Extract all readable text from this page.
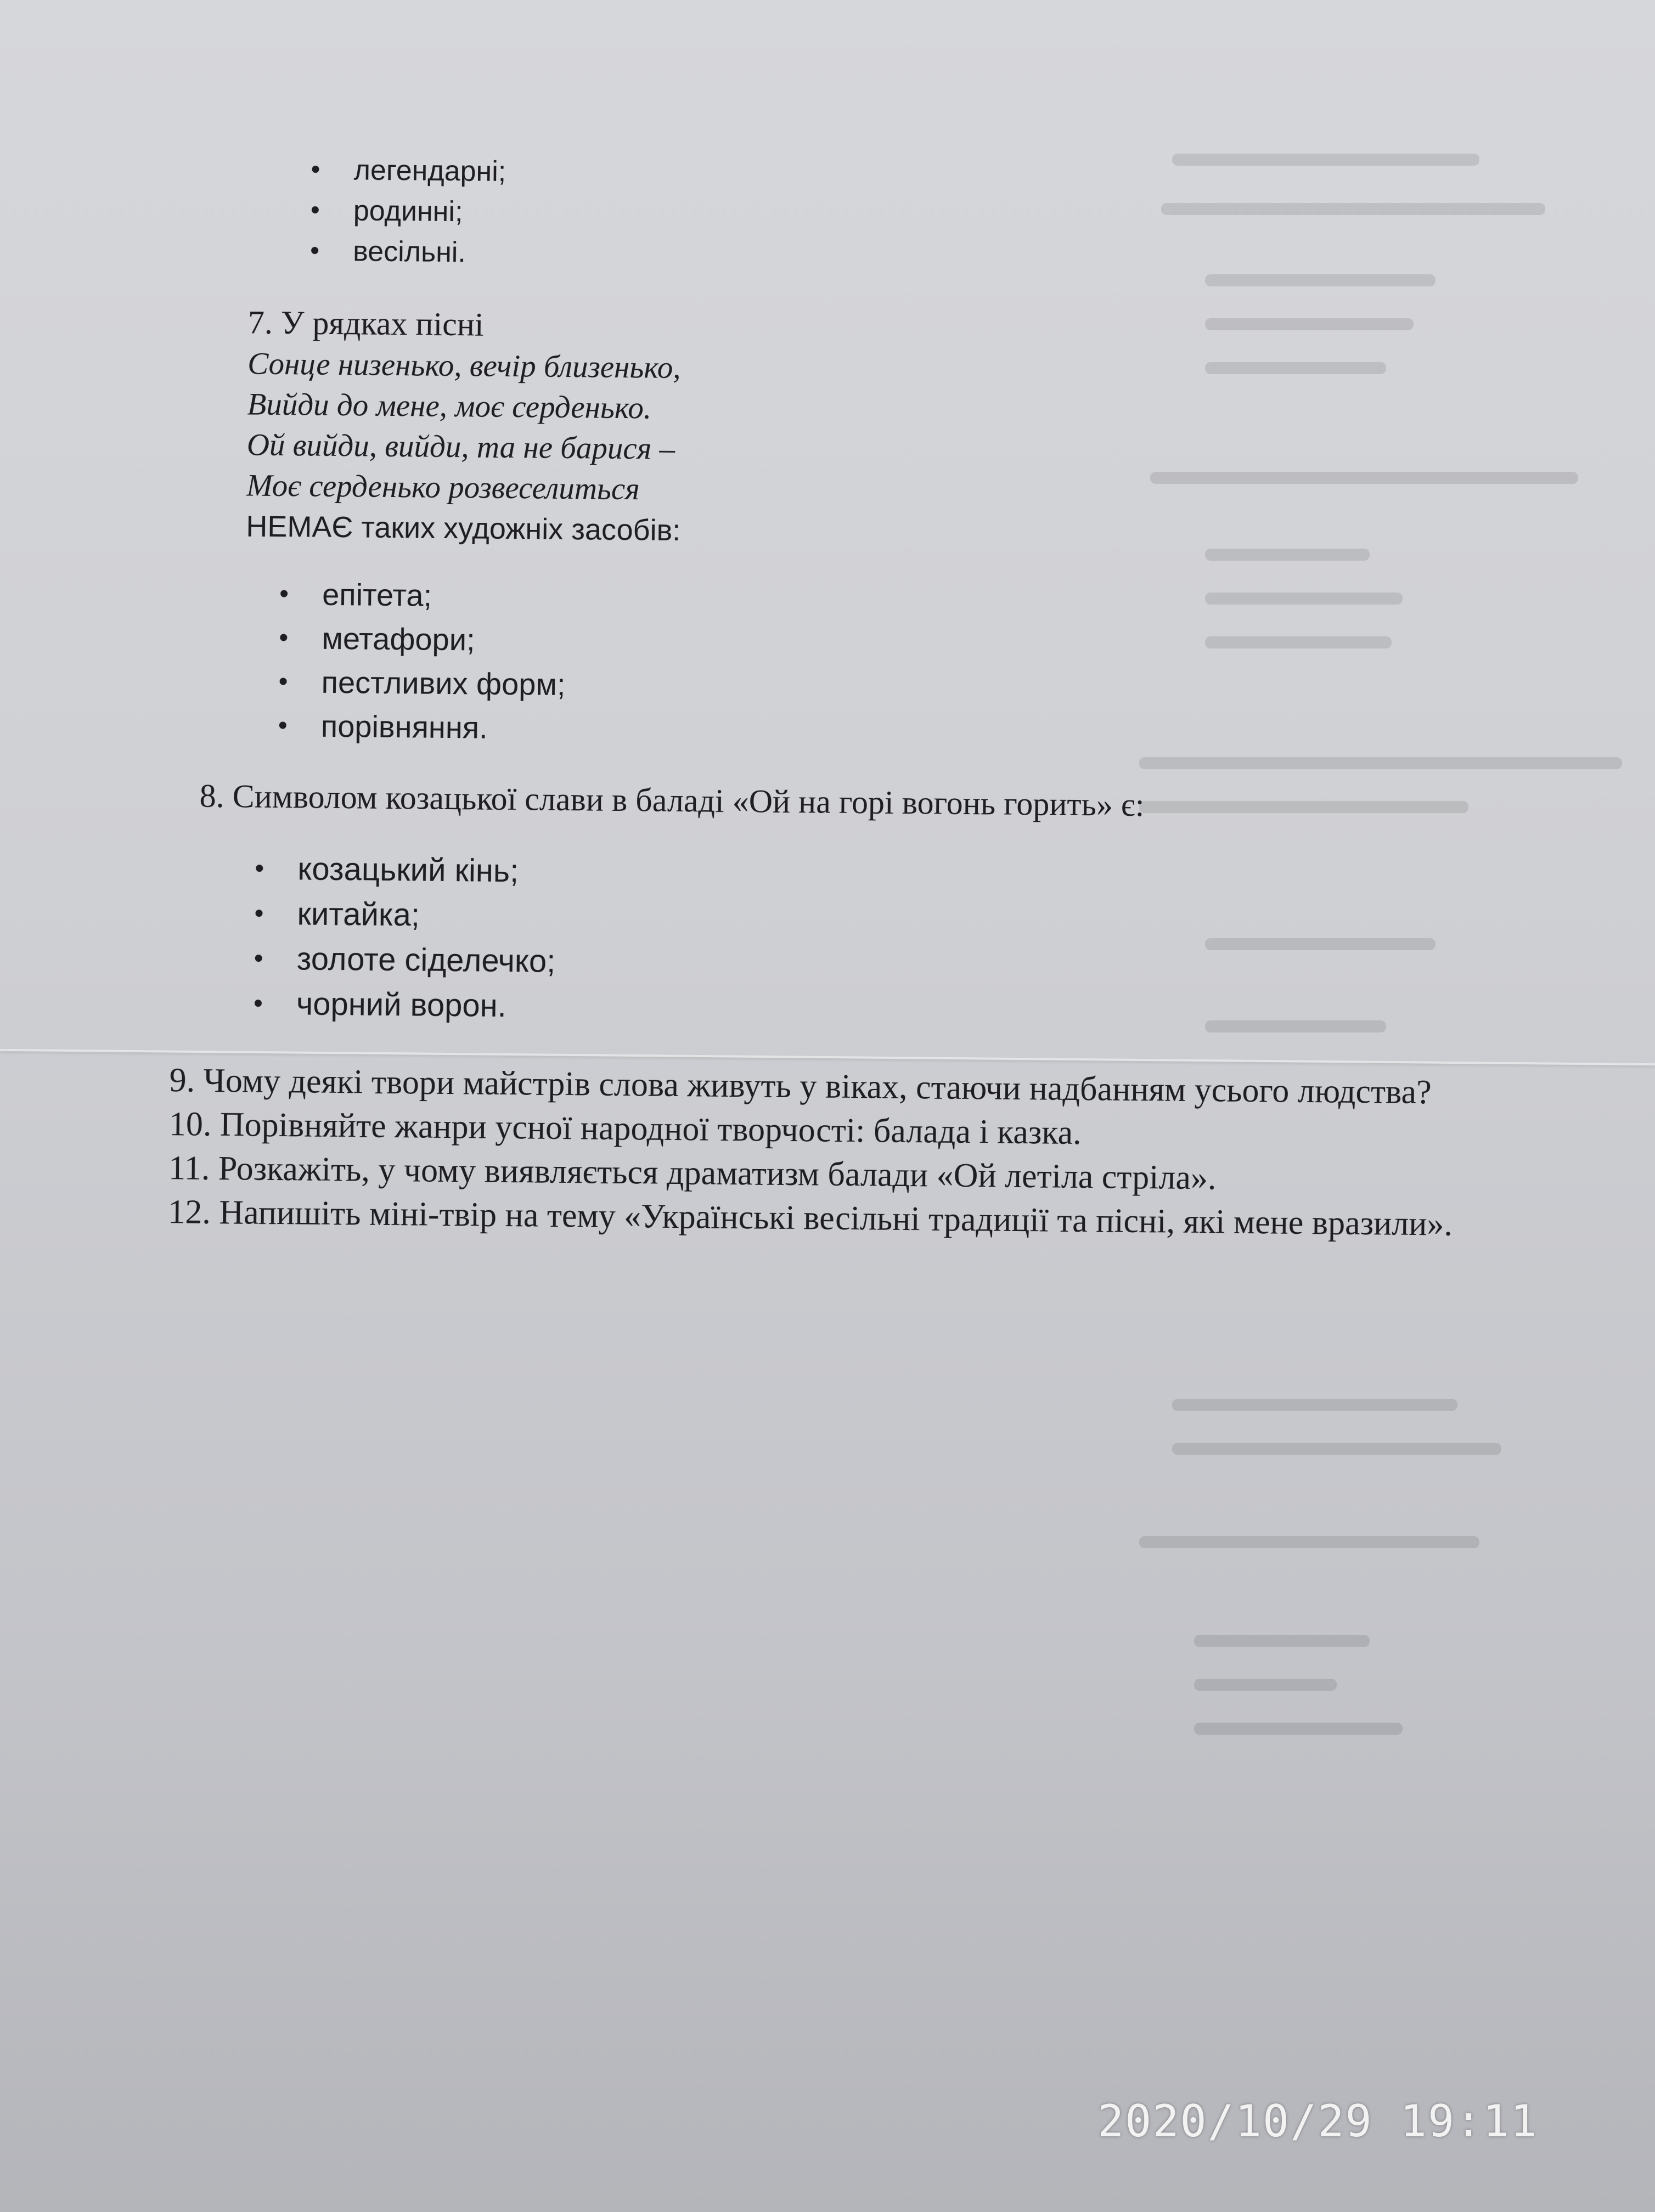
• легендарні;
• родинні;
• весільні.
7. У рядках пісні
Сонце низенько, вечір близенько,
Вийди до мене, моє серденько.
Ой вийди, вийди, та не барися –
Моє серденько розвеселиться
НЕМАЄ таких художніх засобів:
• епітета;
• метафори;
• пестливих форм;
• порівняння.
8. Символом козацької слави в баладі «Ой на горі вогонь горить» є:
• козацький кінь;
• китайка;
• золоте сіделечко;
• чорний ворон.
9. Чому деякі твори майстрів слова живуть у віках, стаючи надбанням усього людства?
10. Порівняйте жанри усної народної творчості: балада і казка.
11. Розкажіть, у чому виявляється драматизм балади «Ой летіла стріла».
12. Напишіть міні-твір на тему «Українські весільні традиції та пісні, які мене вразили».
2020/10/29 19:11
